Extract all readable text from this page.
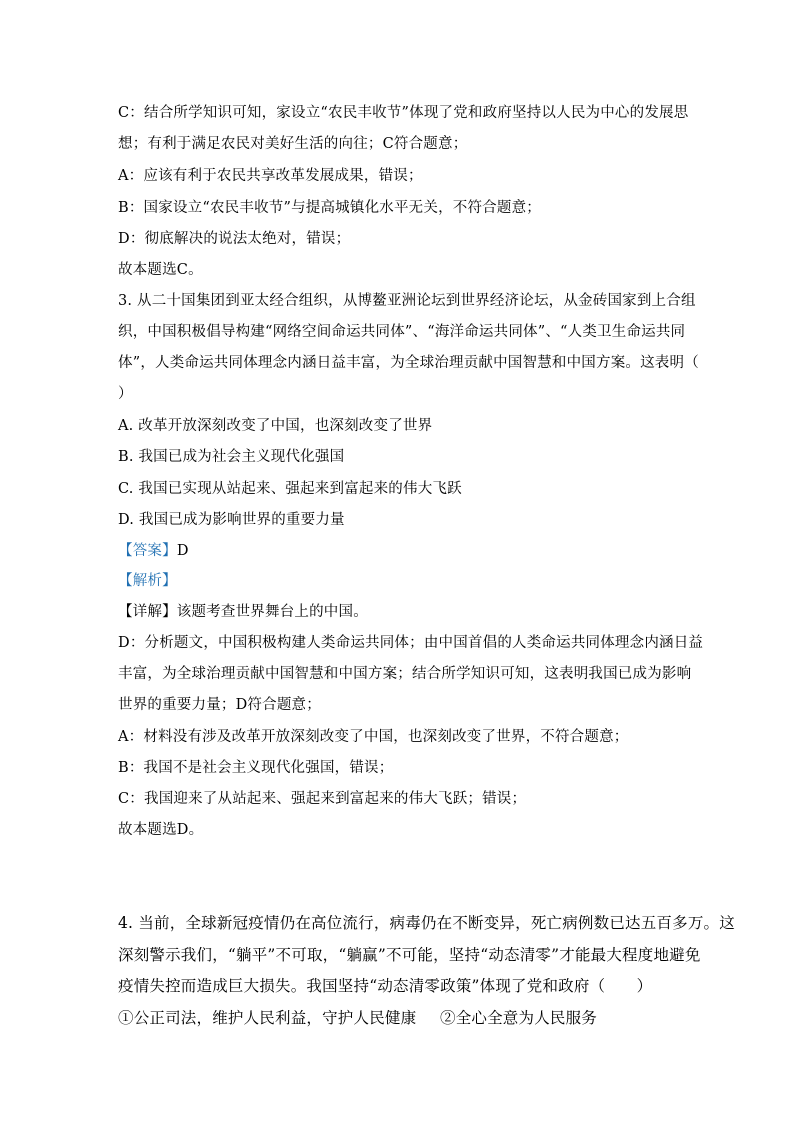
C：结合所学知识可知，家设立“农民丰收节”体现了党和政府坚持以人民为中心的发展思
想；有利于满足农民对美好生活的向往；C符合题意；
A：应该有利于农民共享改革发展成果，错误；
B：国家设立“农民丰收节”与提高城镇化水平无关，不符合题意；
D：彻底解决的说法太绝对，错误；
故本题选C。
3. 从二十国集团到亚太经合组织，从博鳌亚洲论坛到世界经济论坛，从金砖国家到上合组
织，中国积极倡导构建“网络空间命运共同体”、“海洋命运共同体”、“人类卫生命运共同
体”，人类命运共同体理念内涵日益丰富，为全球治理贡献中国智慧和中国方案。这表明（
）
A. 改革开放深刻改变了中国，也深刻改变了世界
B. 我国已成为社会主义现代化强国
C. 我国已实现从站起来、强起来到富起来的伟大飞跃
D. 我国已成为影响世界的重要力量
【答案】D
【解析】
【详解】该题考查世界舞台上的中国。
D：分析题文，中国积极构建人类命运共同体；由中国首倡的人类命运共同体理念内涵日益
丰富，为全球治理贡献中国智慧和中国方案；结合所学知识可知，这表明我国已成为影响
世界的重要力量；D符合题意；
A：材料没有涉及改革开放深刻改变了中国，也深刻改变了世界，不符合题意；
B：我国不是社会主义现代化强国，错误；
C：我国迎来了从站起来、强起来到富起来的伟大飞跃；错误；
故本题选D。
4. 当前，全球新冠疫情仍在高位流行，病毒仍在不断变异，死亡病例数已达五百多万。这
深刻警示我们，“躺平”不可取，“躺赢”不可能，坚持“动态清零”才能最大程度地避免
疫情失控而造成巨大损失。我国坚持“动态清零政策”体现了党和政府（　　）
①公正司法，维护人民利益，守护人民健康 ②全心全意为人民服务
